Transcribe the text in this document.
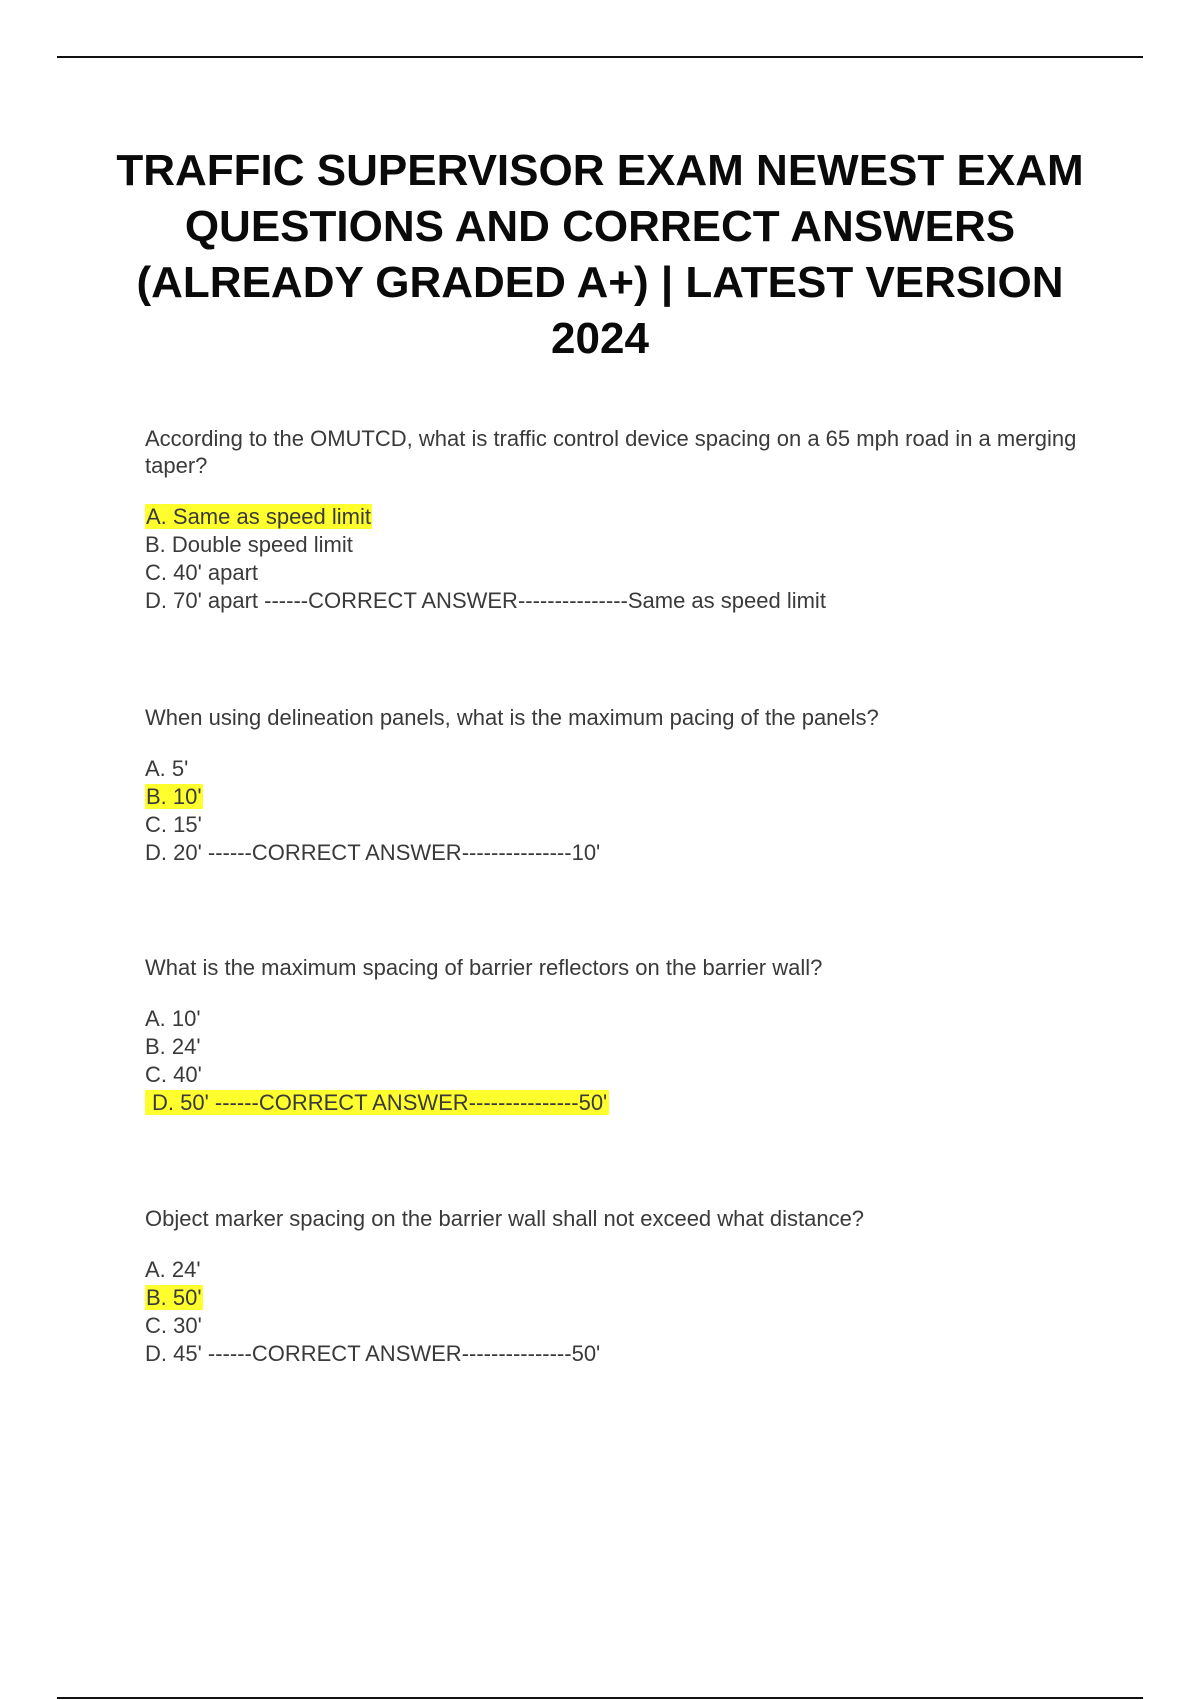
TRAFFIC SUPERVISOR EXAM NEWEST EXAM QUESTIONS AND CORRECT ANSWERS (ALREADY GRADED A+) | LATEST VERSION 2024

According to the OMUTCD, what is traffic control device spacing on a 65 mph road in a merging taper?

A. Same as speed limit
B. Double speed limit
C. 40' apart
D. 70' apart ------CORRECT ANSWER---------------Same as speed limit

When using delineation panels, what is the maximum pacing of the panels?

A. 5'
B. 10'
C. 15'
D. 20' ------CORRECT ANSWER---------------10'

What is the maximum spacing of barrier reflectors on the barrier wall?

A. 10'
B. 24'
C. 40'
D. 50' ------CORRECT ANSWER---------------50'

Object marker spacing on the barrier wall shall not exceed what distance?

A. 24'
B. 50'
C. 30'
D. 45' ------CORRECT ANSWER---------------50'
